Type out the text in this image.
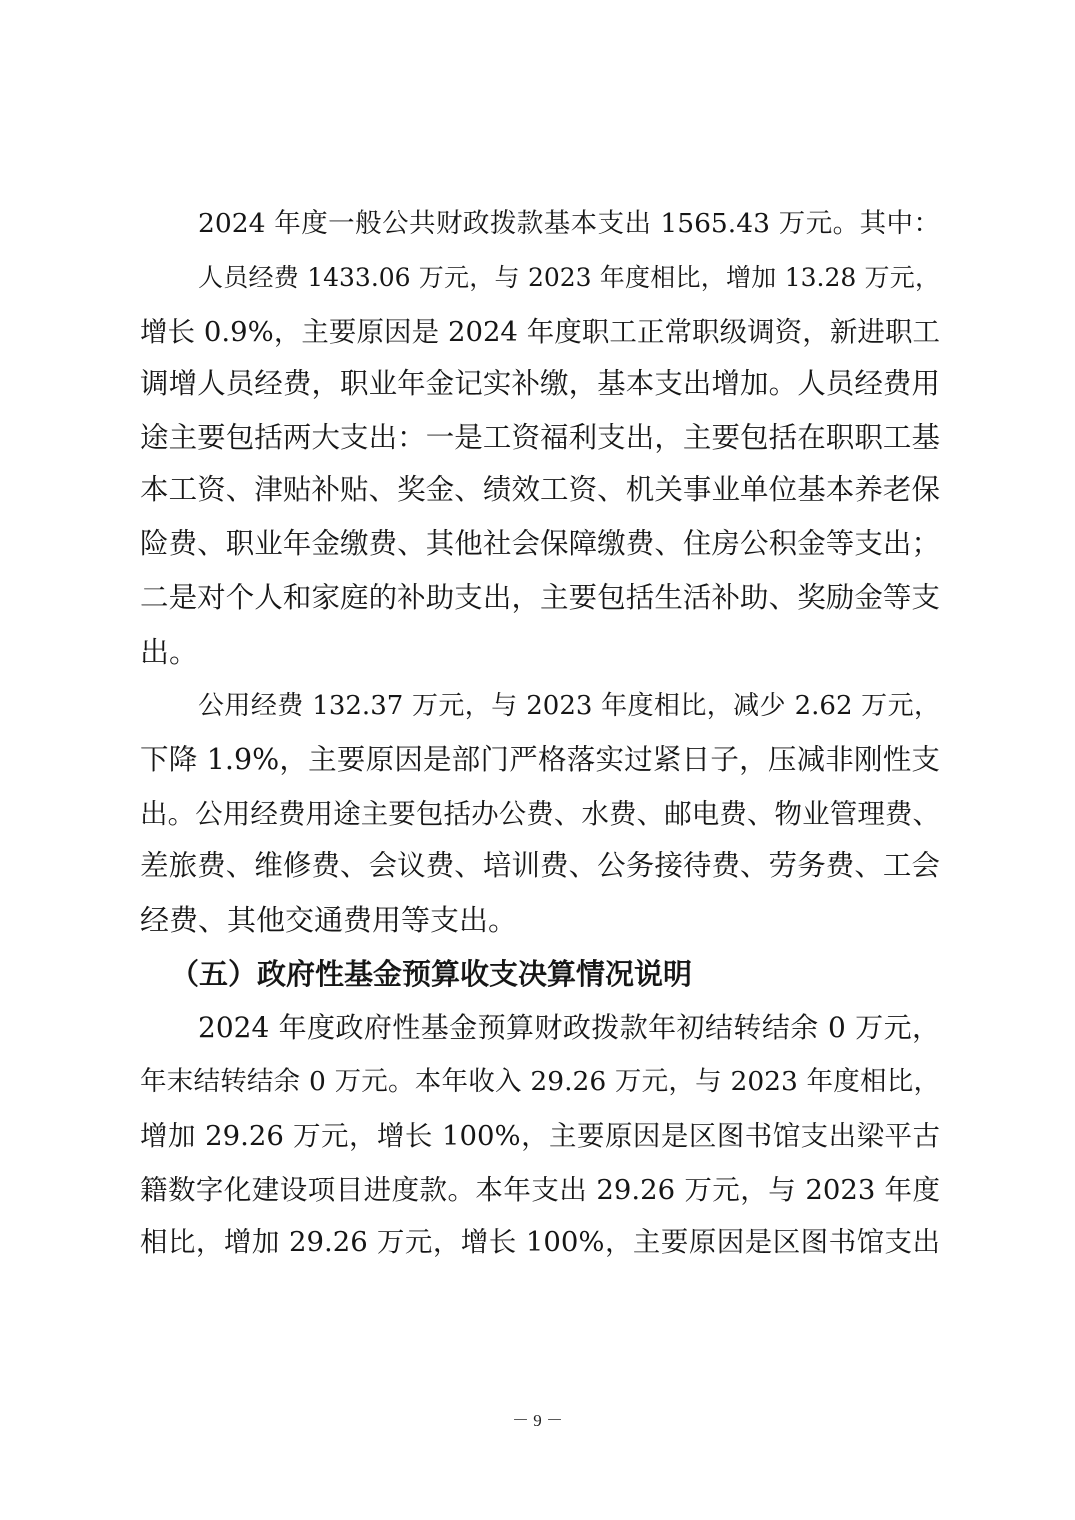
2024 年度一般公共财政拨款基本支出 1565.43 万元。其中：
人员经费 1433.06 万元，与 2023 年度相比，增加 13.28 万元，
增长 0.9%，主要原因是 2024 年度职工正常职级调资，新进职工
调增人员经费，职业年金记实补缴，基本支出增加。人员经费用
途主要包括两大支出：一是工资福利支出，主要包括在职职工基
本工资、津贴补贴、奖金、绩效工资、机关事业单位基本养老保
险费、职业年金缴费、其他社会保障缴费、住房公积金等支出；
二是对个人和家庭的补助支出，主要包括生活补助、奖励金等支
出。
公用经费 132.37 万元，与 2023 年度相比，减少 2.62 万元，
下降 1.9%，主要原因是部门严格落实过紧日子，压减非刚性支
出。公用经费用途主要包括办公费、水费、邮电费、物业管理费、
差旅费、维修费、会议费、培训费、公务接待费、劳务费、工会
经费、其他交通费用等支出。
（五）政府性基金预算收支决算情况说明
2024 年度政府性基金预算财政拨款年初结转结余 0 万元，
年末结转结余 0 万元。本年收入 29.26 万元，与 2023 年度相比，
增加 29.26 万元，增长 100%，主要原因是区图书馆支出梁平古
籍数字化建设项目进度款。本年支出 29.26 万元，与 2023 年度
相比，增加 29.26 万元，增长 100%，主要原因是区图书馆支出
－ 9 －
